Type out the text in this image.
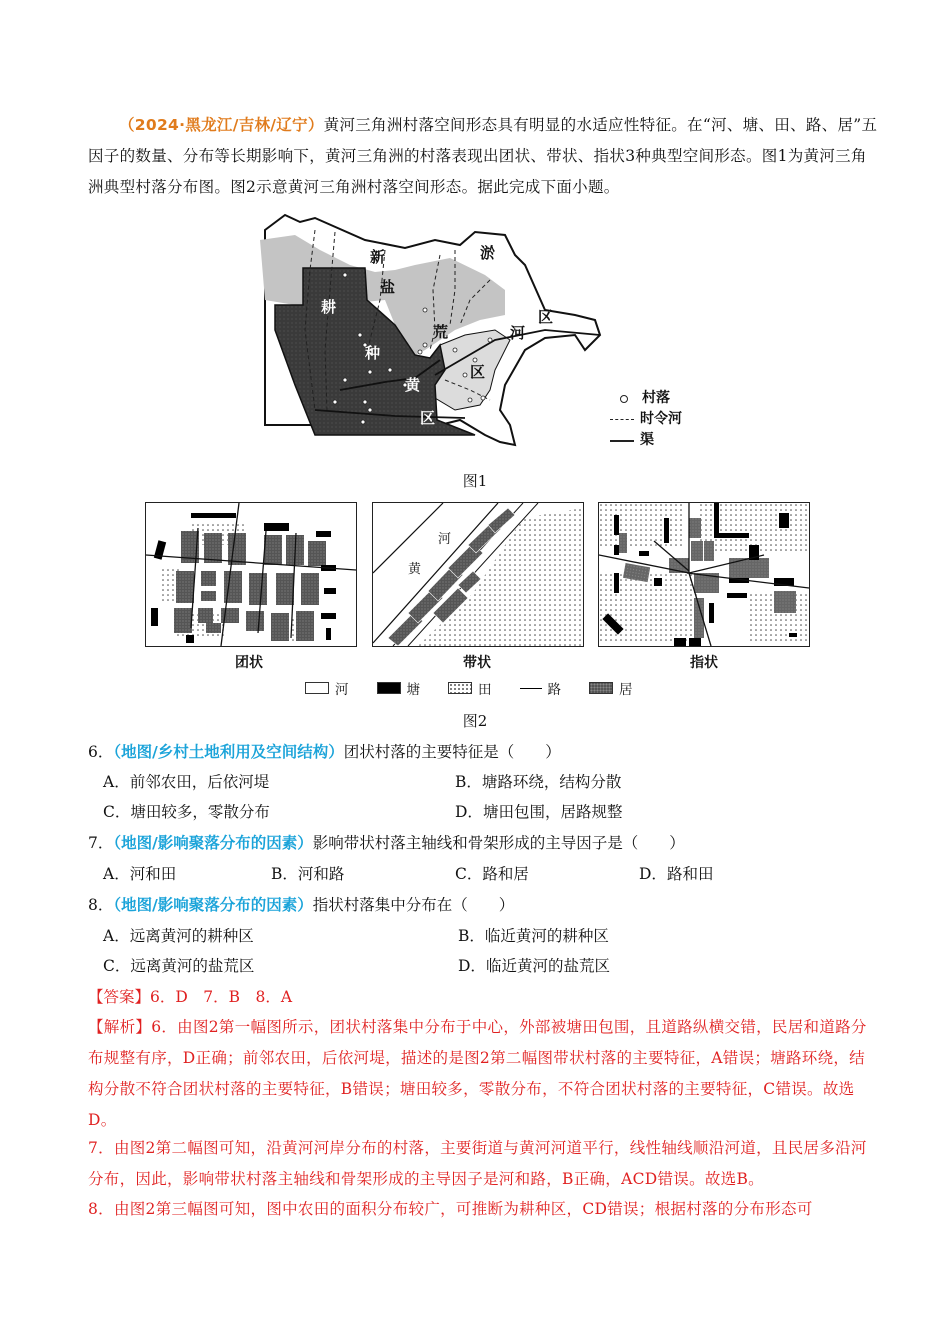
（2024·黑龙江/吉林/辽宁）黄河三角洲村落空间形态具有明显的水适应性特征。在“河、塘、田、路、居”五因子的数量、分布等长期影响下，黄河三角洲的村落表现出团状、带状、指状3种典型空间形态。图1为黄河三角洲典型村落分布图。图2示意黄河三角洲村落空间形态。据此完成下面小题。
新	淤
盐
荒
区
河
区
耕
种
黄
区
村落
时令河
渠
图1
团状
河
黄
带状	指状
河	塘	田	路	居
图2
6．（地图/乡村土地利用及空间结构）团状村落的主要特征是（　　）
A．前邻农田，后依河堤	B．塘路环绕，结构分散
C．塘田较多，零散分布	D．塘田包围，居路规整
7．（地图/影响聚落分布的因素）影响带状村落主轴线和骨架形成的主导因子是（　　）
A．河和田	B．河和路	C．路和居	D．路和田
8．（地图/影响聚落分布的因素）指状村落集中分布在（　　）
A．远离黄河的耕种区	B．临近黄河的耕种区
C．远离黄河的盐荒区	D．临近黄河的盐荒区
【答案】6．D　7．B　8．A
【解析】6．由图2第一幅图所示，团状村落集中分布于中心，外部被塘田包围，且道路纵横交错，民居和道路分布规整有序，D正确；前邻农田，后依河堤，描述的是图2第二幅图带状村落的主要特征，A错误；塘路环绕，结构分散不符合团状村落的主要特征，B错误；塘田较多，零散分布，不符合团状村落的主要特征，C错误。故选D。
7．由图2第二幅图可知，沿黄河河岸分布的村落，主要街道与黄河河道平行，线性轴线顺沿河道，且民居多沿河分布，因此，影响带状村落主轴线和骨架形成的主导因子是河和路，B正确，ACD错误。故选B。
8．由图2第三幅图可知，图中农田的面积分布较广，可推断为耕种区，CD错误；根据村落的分布形态可
